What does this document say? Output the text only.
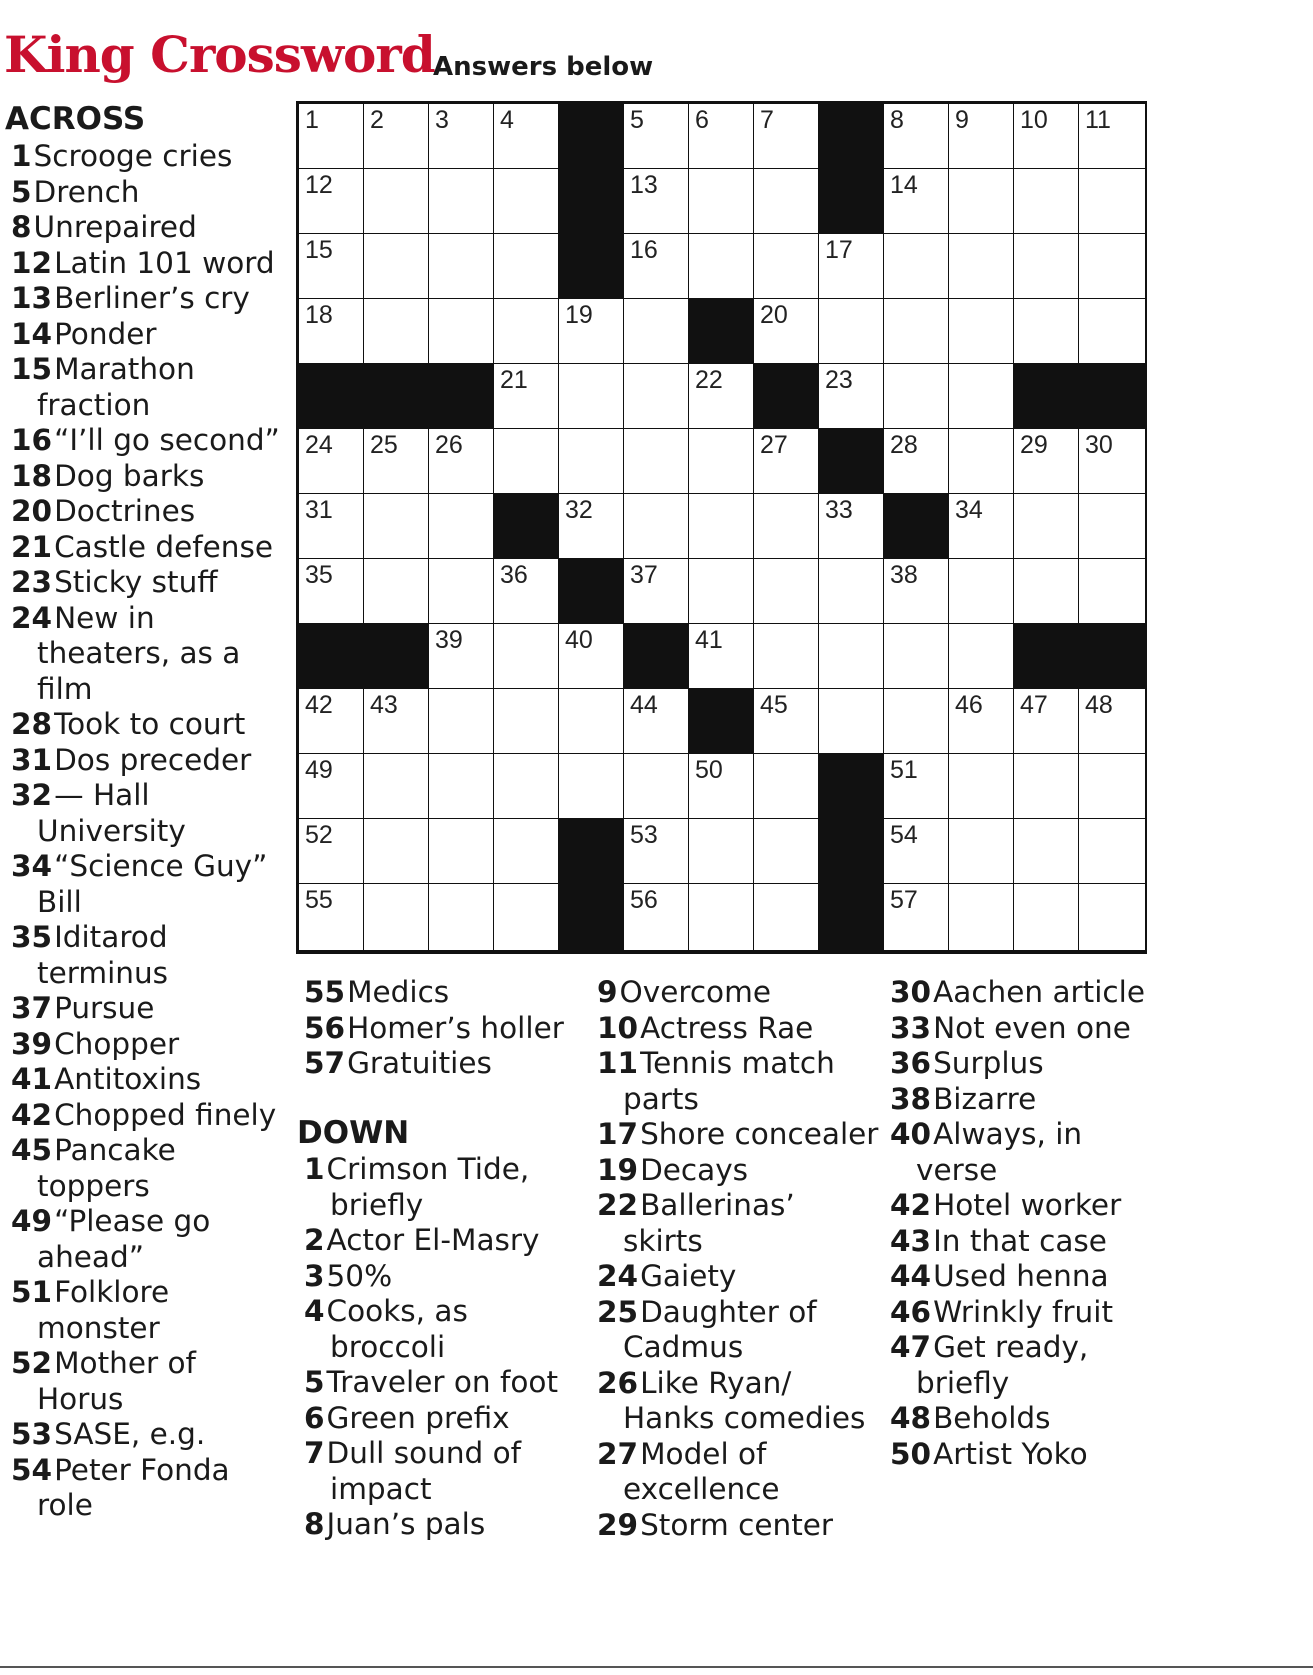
King Crossword
Answers below
ACROSS
DOWN
1 2 3 4	5 6 7	8 9 10 11
12	13	14
15	16	17
18	19	20
21	22	23
24 25 26	27	28	29 30
31	32	33	34
35	36	37	38
39	40	41
42 43	44	45	46 47 48
49	50	51
52	53	54
55	56	57
1Scrooge cries
5Drench
8Unrepaired
12Latin 101 word
13Berliner’s cry
14Ponder
15Marathon
fraction
16“I’ll go second”
18Dog barks
20Doctrines
21Castle defense
23Sticky stuff
24New in
theaters, as a
film
28Took to court
31Dos preceder
32— Hall
University
34“Science Guy”
Bill
35Iditarod
terminus
37Pursue
39Chopper
41Antitoxins
42Chopped finely
45Pancake
toppers
49“Please go
ahead”
51Folklore
monster
52Mother of
Horus
53SASE, e.g.
54Peter Fonda
role
55Medics
56Homer’s holler
57Gratuities
1Crimson Tide,
briefly
2Actor El-Masry
350%
4Cooks, as
broccoli
5Traveler on foot
6Green prefix
7Dull sound of
impact
8Juan’s pals
9Overcome
10Actress Rae
11Tennis match
parts
17Shore concealer
19Decays
22Ballerinas’
skirts
24Gaiety
25Daughter of
Cadmus
26Like Ryan/
Hanks comedies
27Model of
excellence
29Storm center
30Aachen article
33Not even one
36Surplus
38Bizarre
40Always, in
verse
42Hotel worker
43In that case
44Used henna
46Wrinkly fruit
47Get ready,
briefly
48Beholds
50Artist Yoko
